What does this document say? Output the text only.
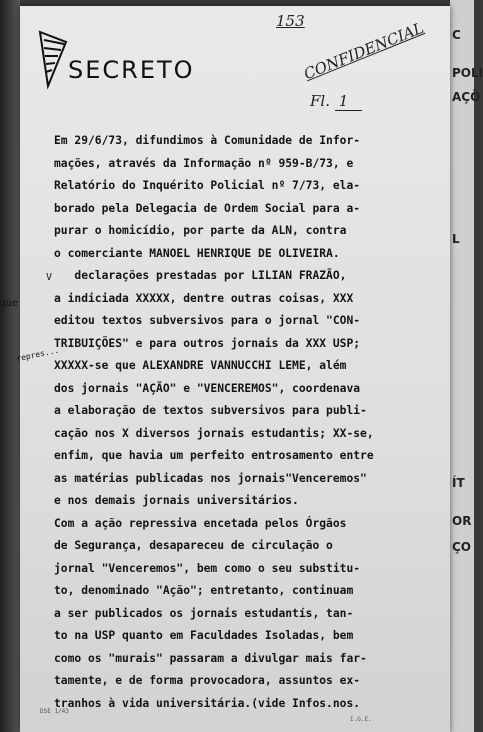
C
POLI
AÇÕ
L
ÍT
OR
ÇO
SECRETO
153
CONFIDENCIAL
Fl. 1
que
V
repres...

Em 29/6/73, difundimos à Comunidade de Infor-

mações, através da Informação nº 959-B/73, e

Relatório do Inquérito Policial nº 7/73, ela-

borado pela Delegacia de Ordem Social para a-

purar o homicídio, por parte da ALN, contra

o comerciante MANOEL HENRIQUE DE OLIVEIRA.

declarações prestadas por LILIAN FRAZÃO,

a indiciada XXXXX, dentre outras coisas, XXX

editou textos subversivos para o jornal "CON-

TRIBUIÇÕES" e para outros jornais da XXX USP;

XXXXX-se que ALEXANDRE VANNUCCHI LEME, além

dos jornais "AÇÃO" e "VENCEREMOS", coordenava

a elaboração de textos subversivos para publi-

cação nos X diversos jornais estudantis; XX-se,

enfim, que havia um perfeito entrosamento entre

as matérias publicadas nos jornais"Venceremos"

e nos demais jornais universitários.

Com a ação repressiva encetada pelos Órgãos

de Segurança, desapareceu de circulação o

jornal "Venceremos", bem como o seu substitu-

to, denominado "Ação"; entretanto, continuam

a ser publicados os jornais estudantís, tan-

to na USP quanto em Faculdades Isoladas, bem

como os "murais" passaram a divulgar mais far-

tamente, e de forma provocadora, assuntos ex-

tranhos à vida universitária.(vide Infos.nos.

DSE 1/43
I.G.E.
